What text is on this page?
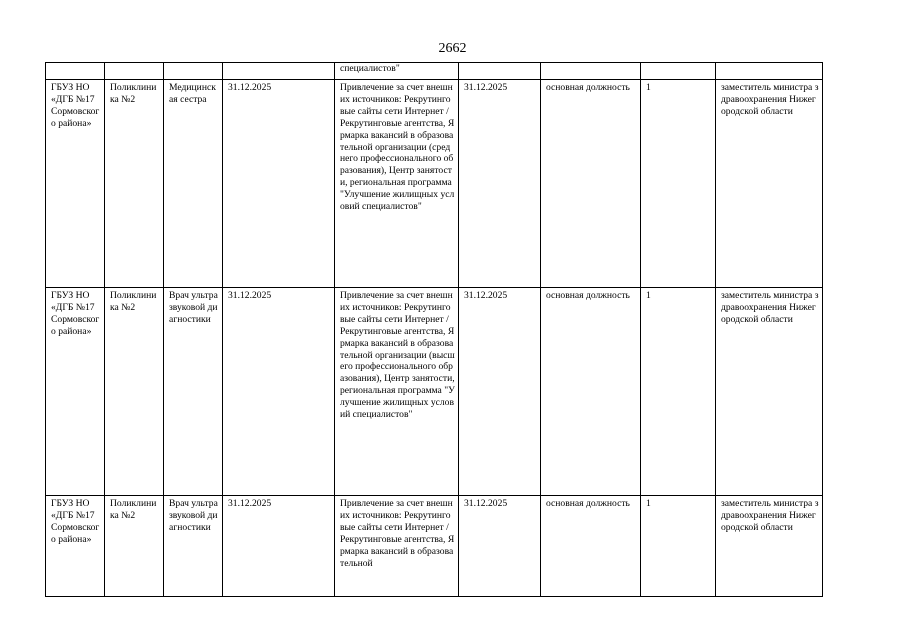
2662

				специалистов"				

ГБУЗ НО «ДГБ №17 Сормовского района»	Поликлиника №2	Медицинская сестра	31.12.2025	Привлечение за счет внешних источников: Рекрутинговые сайты сети Интернет / Рекрутинговые агентства, Ярмарка вакансий в образовательной организации (среднего профессионального образования), Центр занятости, региональная программа "Улучшение жилищных условий специалистов"	31.12.2025	основная должность	1	заместитель министра здравоохранения Нижегородской области

ГБУЗ НО «ДГБ №17 Сормовского района»	Поликлиника №2	Врач ультразвуковой диагностики	31.12.2025	Привлечение за счет внешних источников: Рекрутинговые сайты сети Интернет / Рекрутинговые агентства, Ярмарка вакансий в образовательной организации (высшего профессионального образования), Центр занятости, региональная программа "Улучшение жилищных условий специалистов"	31.12.2025	основная должность	1	заместитель министра здравоохранения Нижегородской области

ГБУЗ НО «ДГБ №17 Сормовского района»	Поликлиника №2	Врач ультразвуковой диагностики	31.12.2025	Привлечение за счет внешних источников: Рекрутинговые сайты сети Интернет / Рекрутинговые агентства, Ярмарка вакансий в образовательной	31.12.2025	основная должность	1	заместитель министра здравоохранения Нижегородской области
